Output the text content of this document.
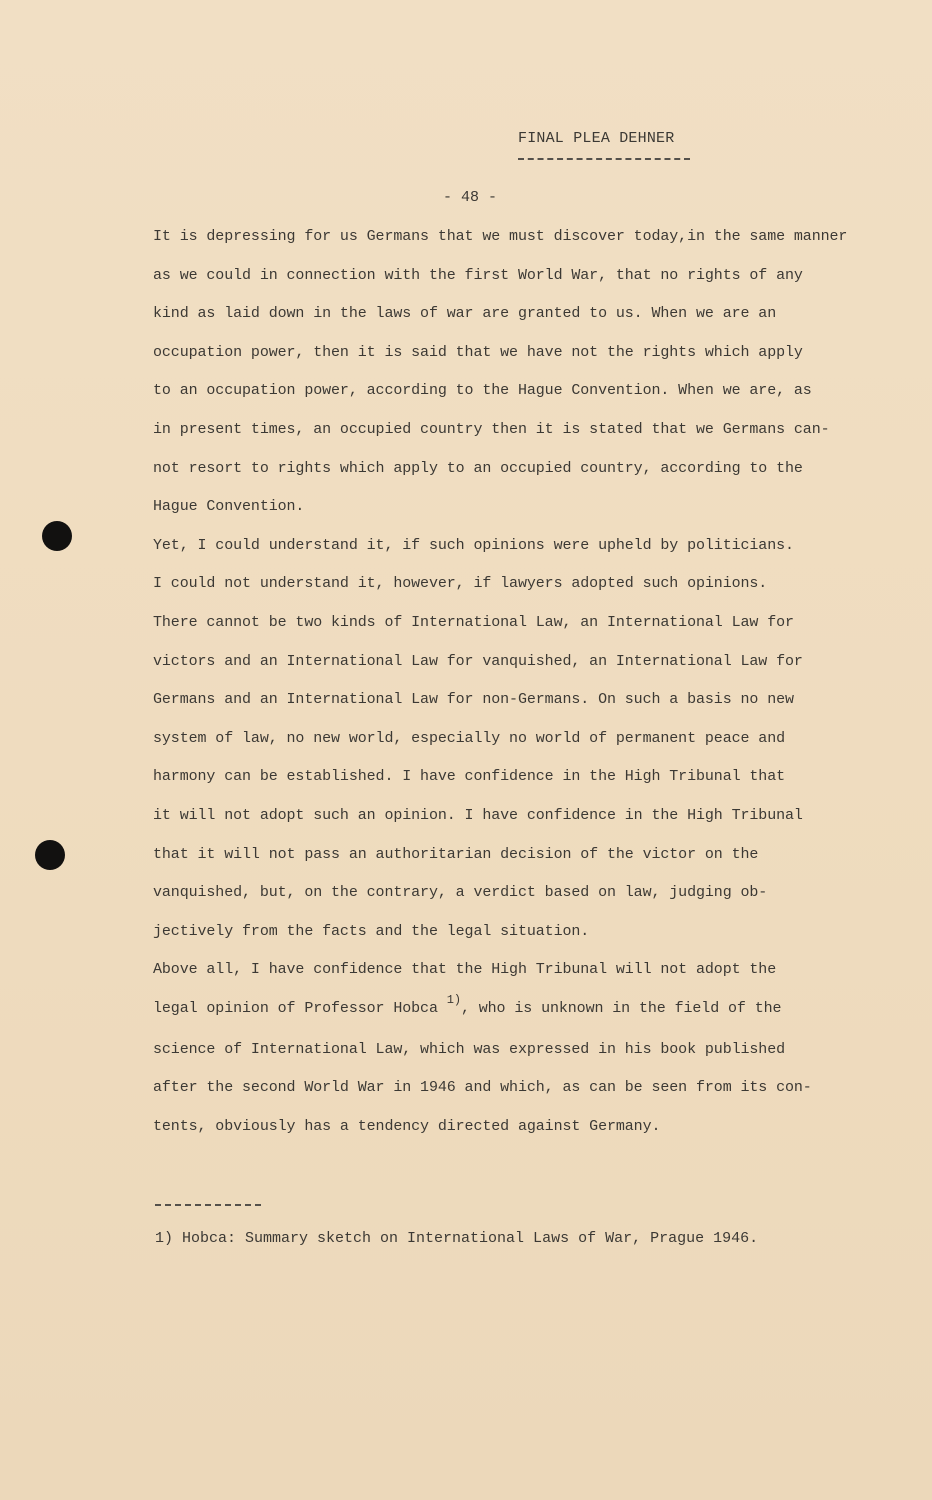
FINAL PLEA DEHNER
- 48 -
It is depressing for us Germans that we must discover today,in the same manner
as we could in connection with the first World War, that no rights of any
kind as laid down in the laws of war are granted to us. When we are an
occupation power, then it is said that we have not the rights which apply
to an occupation power, according to the Hague Convention. When we are, as
in present times, an occupied country then it is stated that we Germans can-
not resort to rights which apply to an occupied country, according to the
Hague Convention.
Yet, I could understand it, if such opinions were upheld by politicians.
I could not understand it, however, if lawyers adopted such opinions.
There cannot be two kinds of International Law, an International Law for
victors and an International Law for vanquished, an International Law for
Germans and an International Law for non-Germans. On such a basis no new
system of law, no new world, especially no world of permanent peace and
harmony can be established. I have confidence in the High Tribunal that
it will not adopt such an opinion. I have confidence in the High Tribunal
that it will not pass an authoritarian decision of the victor on the
vanquished, but, on the contrary, a verdict based on law, judging ob-
jectively from the facts and the legal situation.
Above all, I have confidence that the High Tribunal will not adopt the
legal opinion of Professor Hobca $^{1)}$, who is unknown in the field of the
science of International Law, which was expressed in his book published
after the second World War in 1946 and which, as can be seen from its con-
tents, obviously has a tendency directed against Germany.
1) Hobca: Summary sketch on International Laws of War, Prague 1946.
